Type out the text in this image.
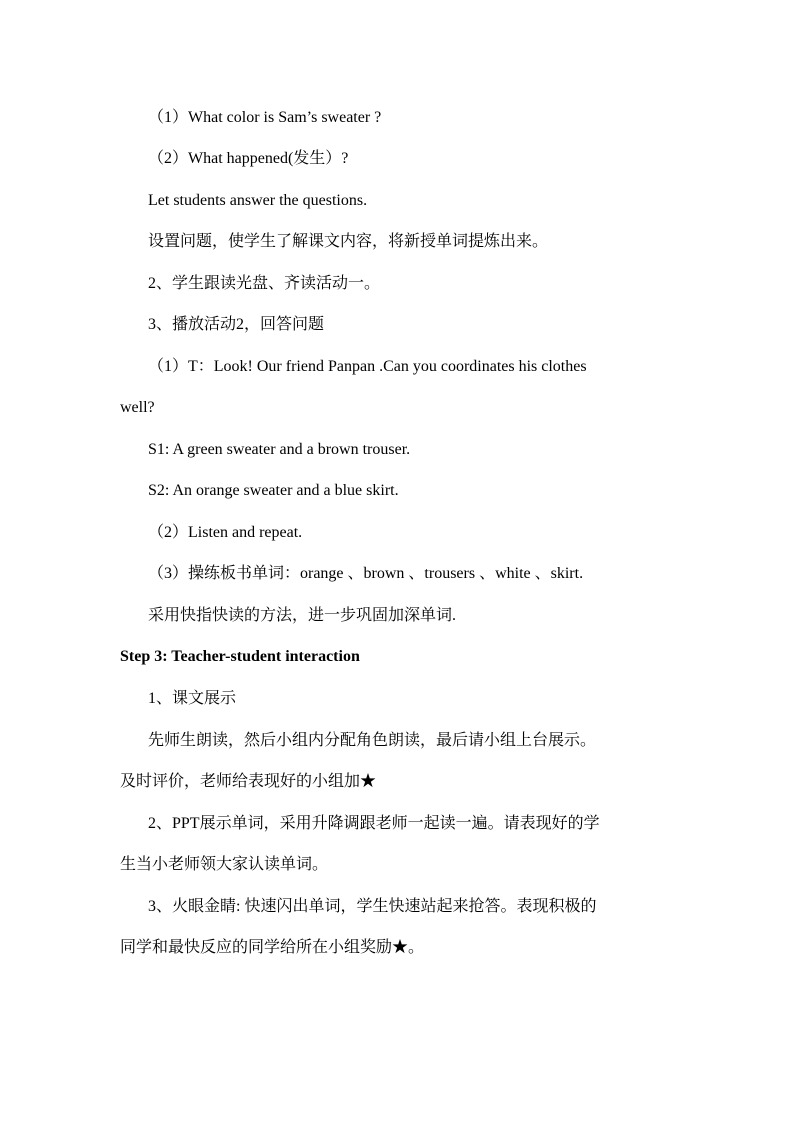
（1）What color is Sam’s sweater ?
（2）What happened(发生）?
Let students answer the questions.
设置问题，使学生了解课文内容，将新授单词提炼出来。
2、学生跟读光盘、齐读活动一。
3、播放活动2，回答问题
（1）T：Look! Our friend Panpan .Can you coordinates his clothes
well?
S1: A green sweater and a brown trouser.
S2: An orange sweater and a blue skirt.
（2）Listen and repeat.
（3）操练板书单词：orange 、brown 、trousers 、white 、skirt.
采用快指快读的方法，进一步巩固加深单词.
Step 3: Teacher-student interaction
1、课文展示
先师生朗读，然后小组内分配角色朗读，最后请小组上台展示。
及时评价，老师给表现好的小组加★
2、PPT展示单词，采用升降调跟老师一起读一遍。请表现好的学
生当小老师领大家认读单词。
3、火眼金睛: 快速闪出单词，学生快速站起来抢答。表现积极的
同学和最快反应的同学给所在小组奖励★。
